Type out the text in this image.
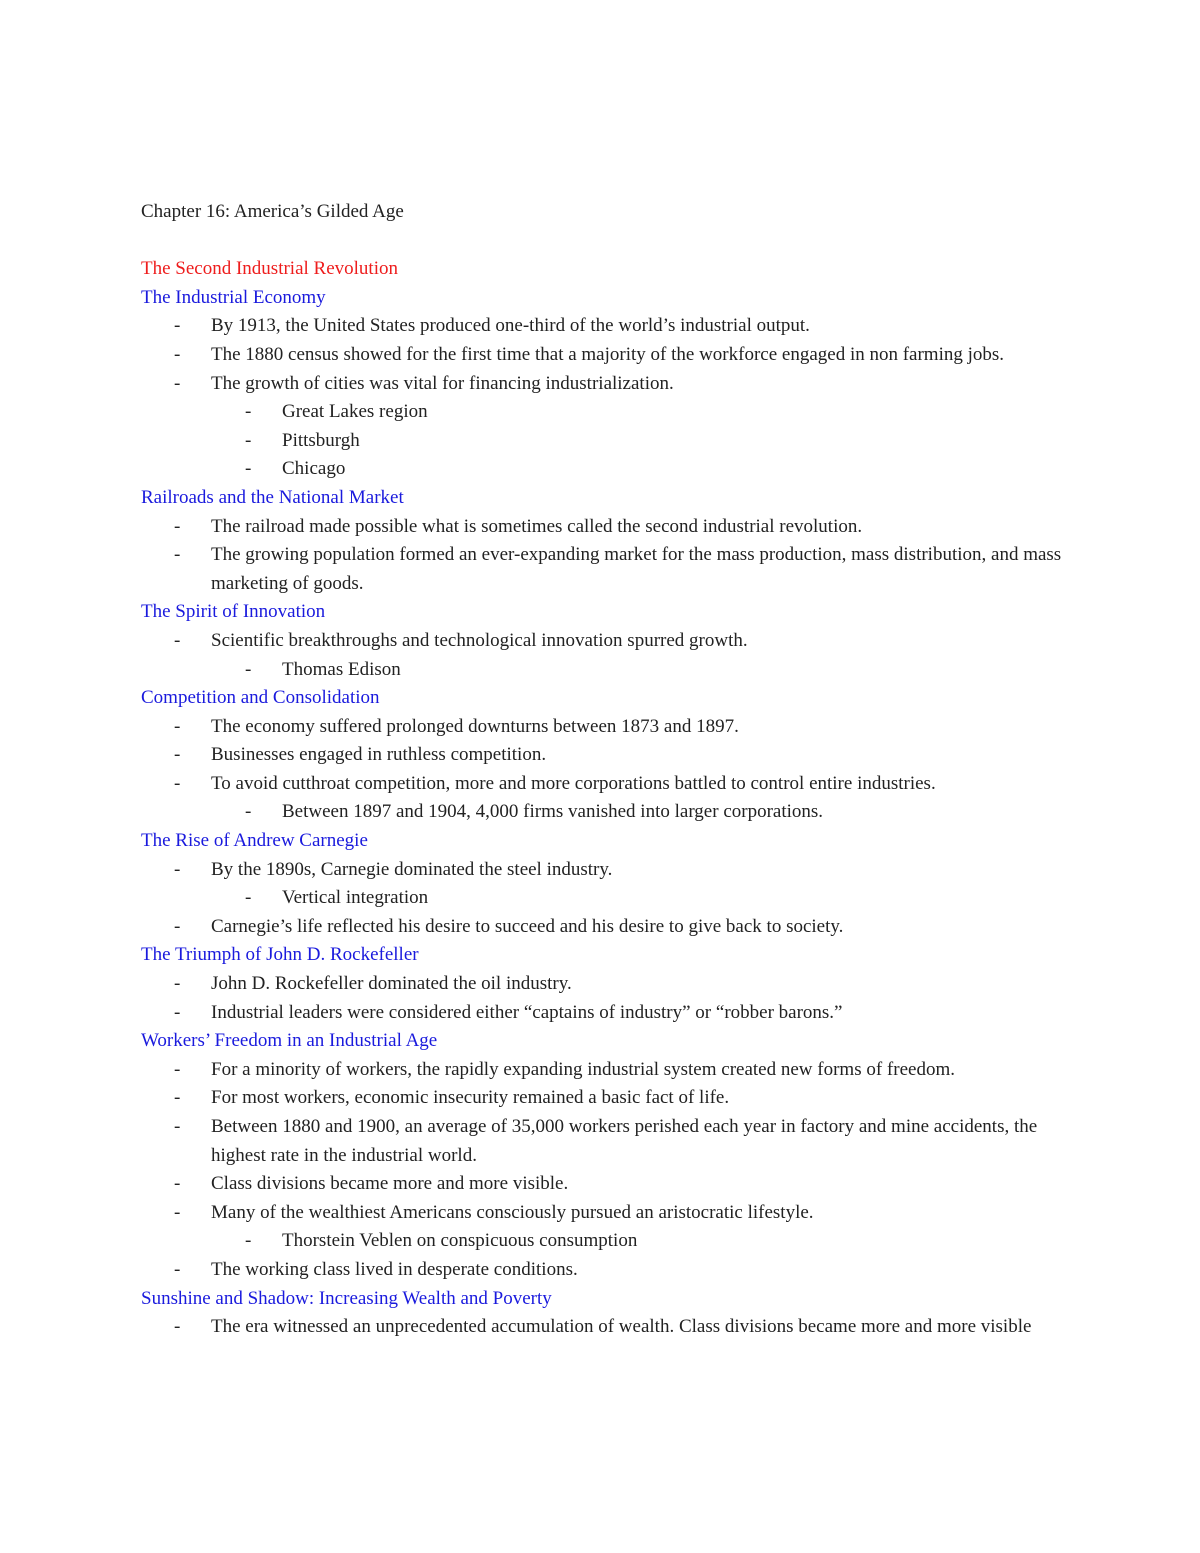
Chapter 16: America’s Gilded Age
The Second Industrial Revolution
The Industrial Economy
- By 1913, the United States produced one-third of the world’s industrial output.
- The 1880 census showed for the first time that a majority of the workforce engaged in non farming jobs.
- The growth of cities was vital for financing industrialization.
- Great Lakes region
- Pittsburgh
- Chicago
Railroads and the National Market
- The railroad made possible what is sometimes called the second industrial revolution.
- The growing population formed an ever-expanding market for the mass production, mass distribution, and mass marketing of goods.
The Spirit of Innovation
- Scientific breakthroughs and technological innovation spurred growth.
- Thomas Edison
Competition and Consolidation
- The economy suffered prolonged downturns between 1873 and 1897.
- Businesses engaged in ruthless competition.
- To avoid cutthroat competition, more and more corporations battled to control entire industries.
- Between 1897 and 1904, 4,000 firms vanished into larger corporations.
The Rise of Andrew Carnegie
- By the 1890s, Carnegie dominated the steel industry.
- Vertical integration
- Carnegie’s life reflected his desire to succeed and his desire to give back to society.
The Triumph of John D. Rockefeller
- John D. Rockefeller dominated the oil industry.
- Industrial leaders were considered either “captains of industry” or “robber barons.”
Workers’ Freedom in an Industrial Age
- For a minority of workers, the rapidly expanding industrial system created new forms of freedom.
- For most workers, economic insecurity remained a basic fact of life.
- Between 1880 and 1900, an average of 35,000 workers perished each year in factory and mine accidents, the highest rate in the industrial world.
- Class divisions became more and more visible.
- Many of the wealthiest Americans consciously pursued an aristocratic lifestyle.
- Thorstein Veblen on conspicuous consumption
- The working class lived in desperate conditions.
Sunshine and Shadow: Increasing Wealth and Poverty
- The era witnessed an unprecedented accumulation of wealth. Class divisions became more and more visible
